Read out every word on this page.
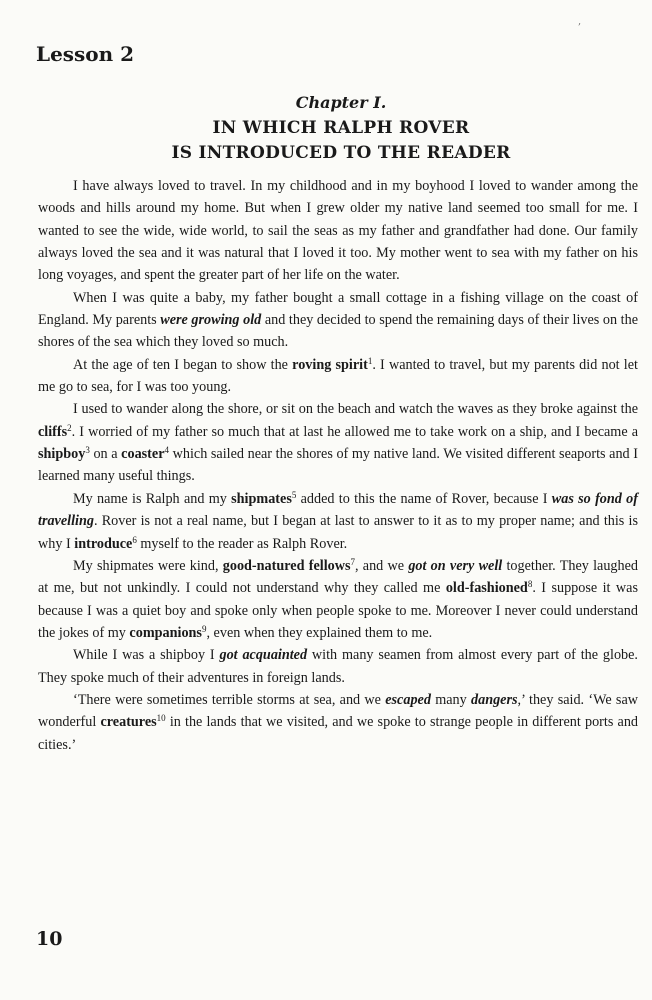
,
Lesson 2
Chapter I.
IN WHICH RALPH ROVER
IS INTRODUCED TO THE READER

I have always loved to travel. In my childhood and in my boyhood I loved to wander among the woods and hills around my home. But when I grew older my native land seemed too small for me. I wanted to see the wide, wide world, to sail the seas as my father and grandfather had done. Our family always loved the sea and it was natural that I loved it too. My mother went to sea with my father on his long voyages, and spent the greater part of her life on the water.

When I was quite a baby, my father bought a small cottage in a fishing village on the coast of England. My parents were growing old and they decided to spend the remaining days of their lives on the shores of the sea which they loved so much.

At the age of ten I began to show the roving spirit$^1$. I wanted to travel, but my parents did not let me go to sea, for I was too young.

I used to wander along the shore, or sit on the beach and watch the waves as they broke against the cliffs$^2$. I worried of my father so much that at last he allowed me to take work on a ship, and I became a shipboy$^3$ on a coaster$^4$ which sailed near the shores of my native land. We visited different seaports and I learned many useful things.

My name is Ralph and my shipmates$^5$ added to this the name of Rover, because I was so fond of travelling. Rover is not a real name, but I began at last to answer to it as to my proper name; and this is why I introduce$^6$ myself to the reader as Ralph Rover.

My shipmates were kind, good-natured fellows$^7$, and we got on very well together. They laughed at me, but not unkindly. I could not understand why they called me old-fashioned$^8$. I suppose it was because I was a quiet boy and spoke only when people spoke to me. Moreover I never could understand the jokes of my companions$^9$, even when they explained them to me.

While I was a shipboy I got acquainted with many seamen from almost every part of the globe. They spoke much of their adventures in foreign lands.

‘There were sometimes terrible storms at sea, and we escaped many dangers,’ they said. ‘We saw wonderful creatures$^{10}$ in the lands that we visited, and we spoke to strange people in different ports and cities.’

10
